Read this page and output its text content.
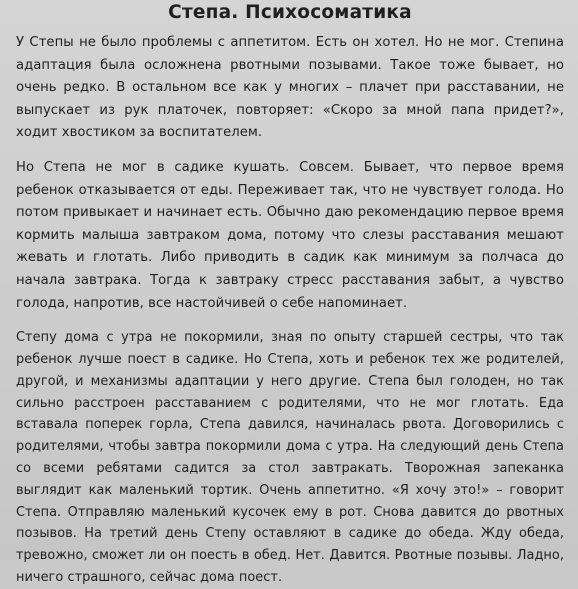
Степа. Психосоматика

У Степы не было проблемы с аппетитом. Есть он хотел. Но не мог. Степина адаптация была осложнена рвотными позывами. Такое тоже бывает, но очень редко. В остальном все как у многих – плачет при расставании, не выпускает из рук платочек, повторяет: «Скоро за мной папа придет?», ходит хвостиком за воспитателем.

Но Степа не мог в садике кушать. Совсем. Бывает, что первое время ребенок отказывается от еды. Переживает так, что не чувствует голода. Но потом привыкает и начинает есть. Обычно даю рекомендацию первое время кормить малыша завтраком дома, потому что слезы расставания мешают жевать и глотать. Либо приводить в садик как минимум за полчаса до начала завтрака. Тогда к завтраку стресс расставания забыт, а чувство голода, напротив, все настойчивей о себе напоминает.

Степу дома с утра не покормили, зная по опыту старшей сестры, что так ребенок лучше поест в садике. Но Степа, хоть и ребенок тех же родителей, другой, и механизмы адаптации у него другие. Степа был голоден, но так сильно расстроен расставанием с родителями, что не мог глотать. Еда вставала поперек горла, Степа давился, начиналась рвота. Договорились с родителями, чтобы завтра покормили дома с утра. На следующий день Степа со всеми ребятами садится за стол завтракать. Творожная запеканка выглядит как маленький тортик. Очень аппетитно. «Я хочу это!» – говорит Степа. Отправляю маленький кусочек ему в рот. Снова давится до рвотных позывов. На третий день Степу оставляют в садике до обеда. Жду обеда, тревожно, сможет ли он поесть в обед. Нет. Давится. Рвотные позывы. Ладно, ничего страшного, сейчас дома поест.
